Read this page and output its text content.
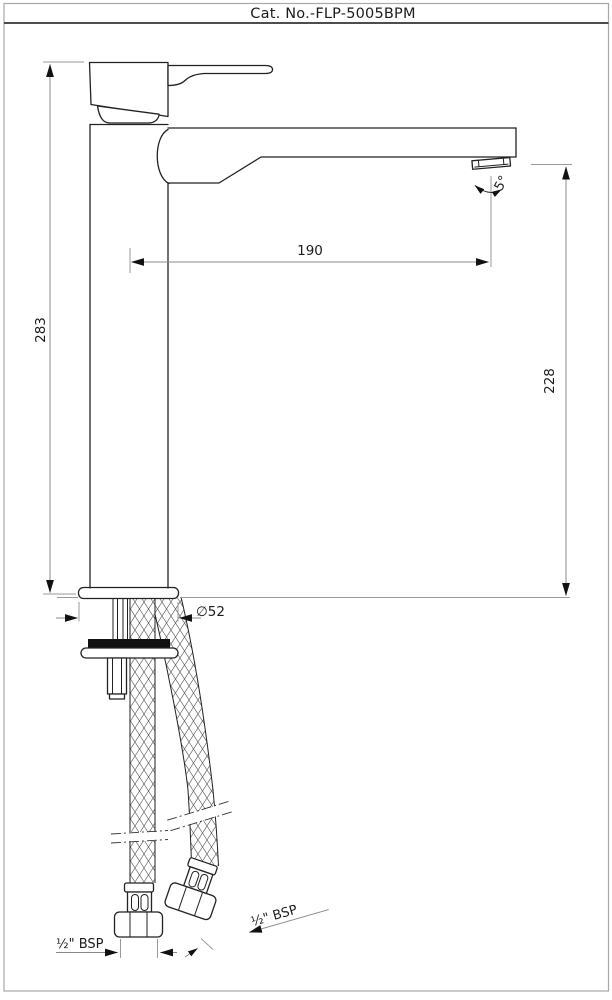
Cat. No.-FLP-5005BPM
283
190
228
∅52
5°
½" BSP
½" BSP
